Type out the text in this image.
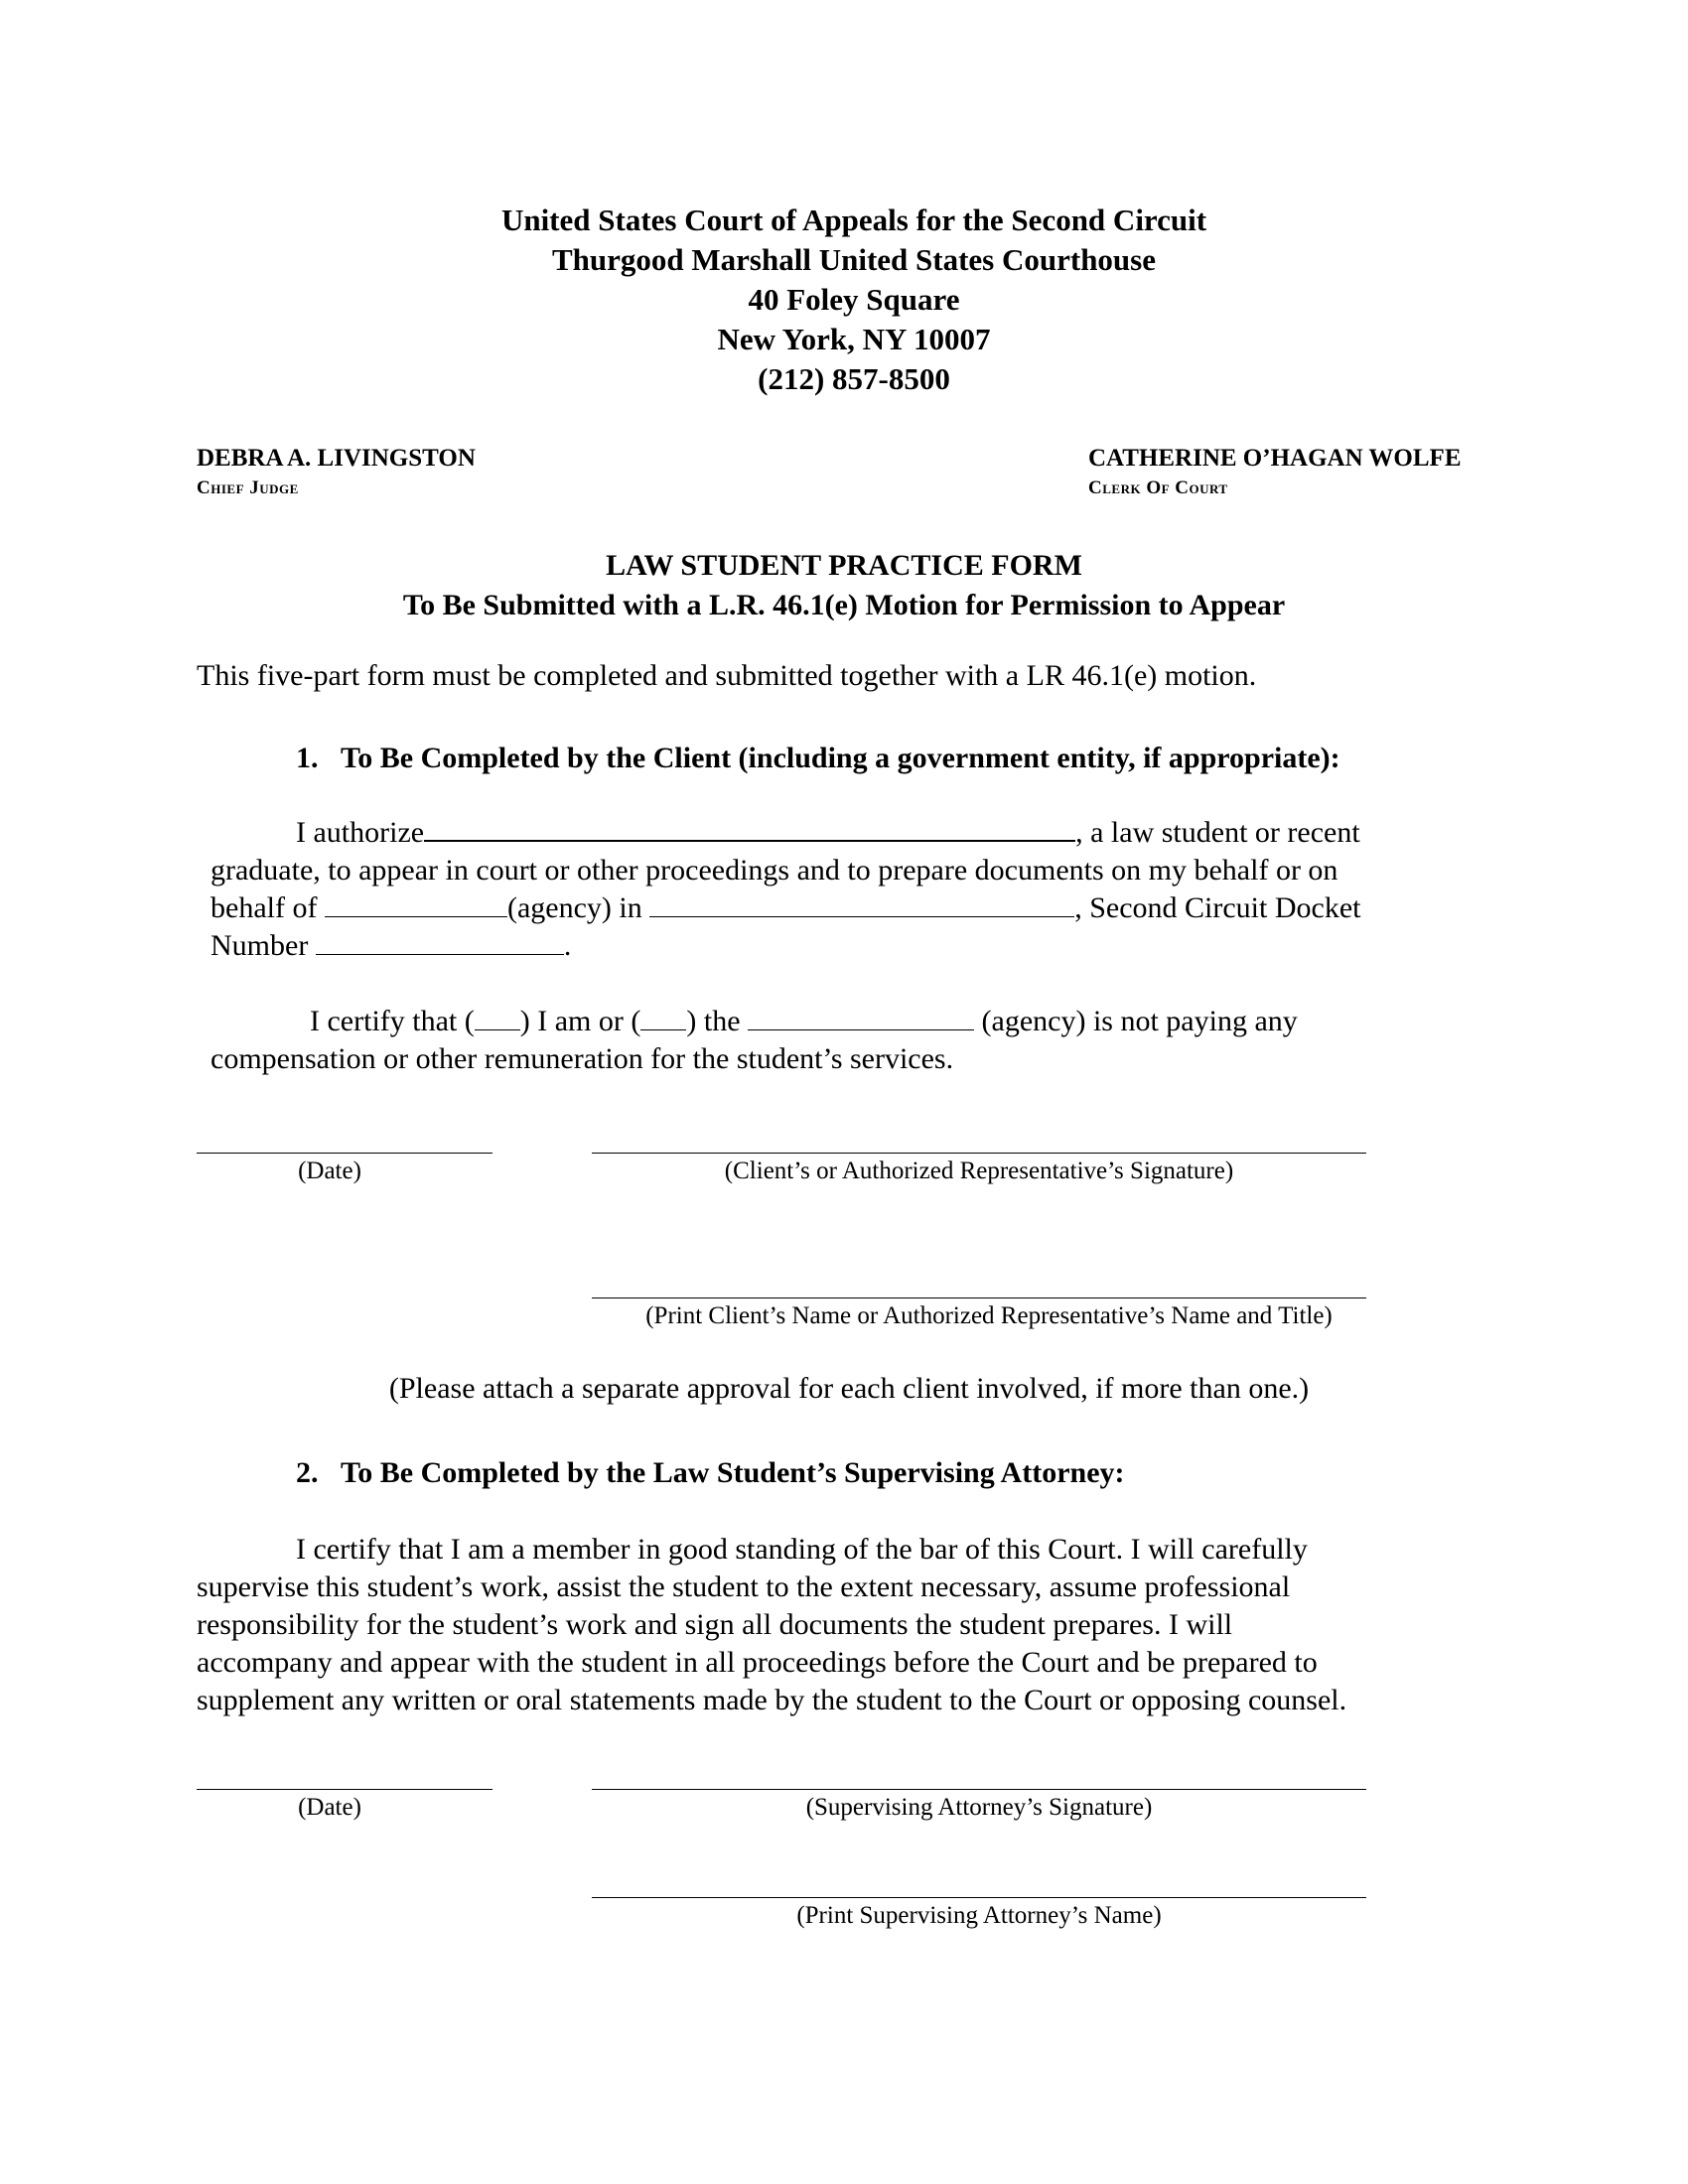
United States Court of Appeals for the Second Circuit
Thurgood Marshall United States Courthouse
40 Foley Square
New York, NY 10007
(212) 857-8500
DEBRA A. LIVINGSTON
Chief Judge
CATHERINE O’HAGAN WOLFE
Clerk Of Court
LAW STUDENT PRACTICE FORM
To Be Submitted with a L.R. 46.1(e) Motion for Permission to Appear
This five-part form must be completed and submitted together with a LR 46.1(e) motion.
1. To Be Completed by the Client (including a government entity, if appropriate):
I authorize	, a law student or recent
graduate, to appear in court or other proceedings and to prepare documents on my behalf or on
behalf of	(agency) in	, Second Circuit Docket
Number	.
I certify that ( ) I am or ( ) the	(agency) is not paying any
compensation or other remuneration for the student’s services.
(Date)	(Client’s or Authorized Representative’s Signature)
(Print Client’s Name or Authorized Representative’s Name and Title)
(Please attach a separate approval for each client involved, if more than one.)
2. To Be Completed by the Law Student’s Supervising Attorney:
I certify that I am a member in good standing of the bar of this Court. I will carefully
supervise this student’s work, assist the student to the extent necessary, assume professional
responsibility for the student’s work and sign all documents the student prepares. I will
accompany and appear with the student in all proceedings before the Court and be prepared to
supplement any written or oral statements made by the student to the Court or opposing counsel.
(Date)	(Supervising Attorney’s Signature)
(Print Supervising Attorney’s Name)
